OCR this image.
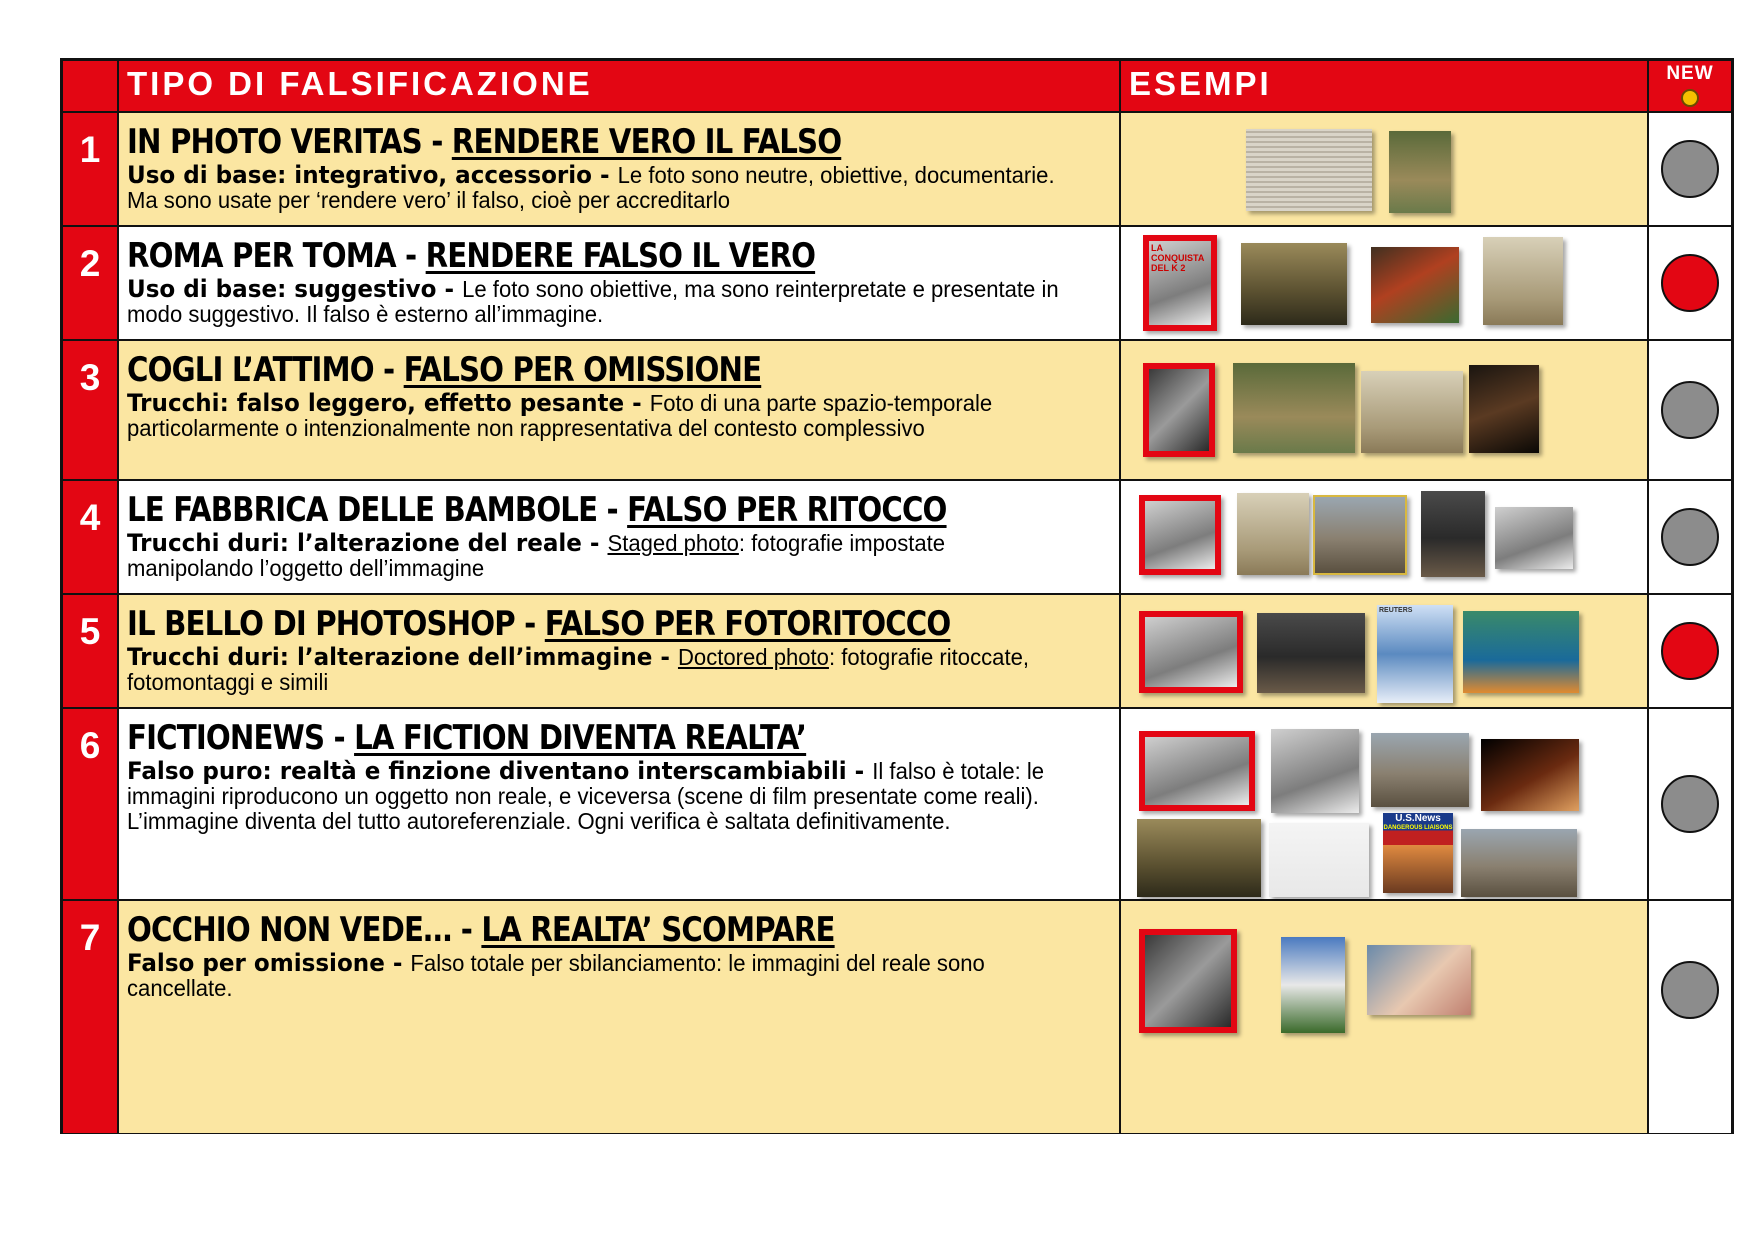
TIPO DI FALSIFICAZIONE	ESEMPI	NEW
1 IN PHOTO VERITAS - RENDERE VERO IL FALSO
Uso di base: integrativo, accessorio - Le foto sono neutre, obiettive, documentarie. Ma sono usate per ‘rendere vero’ il falso, cioè per accreditarlo
2 ROMA PER TOMA - RENDERE FALSO IL VERO
Uso di base: suggestivo - Le foto sono obiettive, ma sono reinterpretate e presentate in modo suggestivo. Il falso è esterno all’immagine.
LA CONQUISTA DEL K 2
3 COGLI L’ATTIMO - FALSO PER OMISSIONE
Trucchi: falso leggero, effetto pesante - Foto di una parte spazio-temporale particolarmente o intenzionalmente non rappresentativa del contesto complessivo
4 LE FABBRICA DELLE BAMBOLE - FALSO PER RITOCCO
Trucchi duri: l’alterazione del reale - Staged photo: fotografie impostate manipolando l’oggetto dell’immagine
5 IL BELLO DI PHOTOSHOP - FALSO PER FOTORITOCCO
Trucchi duri: l’alterazione dell’immagine - Doctored photo: fotografie ritoccate, fotomontaggi e simili
REUTERS
6 FICTIONEWS - LA FICTION DIVENTA REALTA’
Falso puro: realtà e finzione diventano interscambiabili - Il falso è totale: le immagini riproducono un oggetto non reale, e viceversa (scene di film presentate come reali). L’immagine diventa del tutto autoreferenziale. Ogni verifica è saltata definitivamente.	U.S.News
DANGEROUS LIAISONS
7 OCCHIO NON VEDE… - LA REALTA’ SCOMPARE
Falso per omissione - Falso totale per sbilanciamento: le immagini del reale sono cancellate.
